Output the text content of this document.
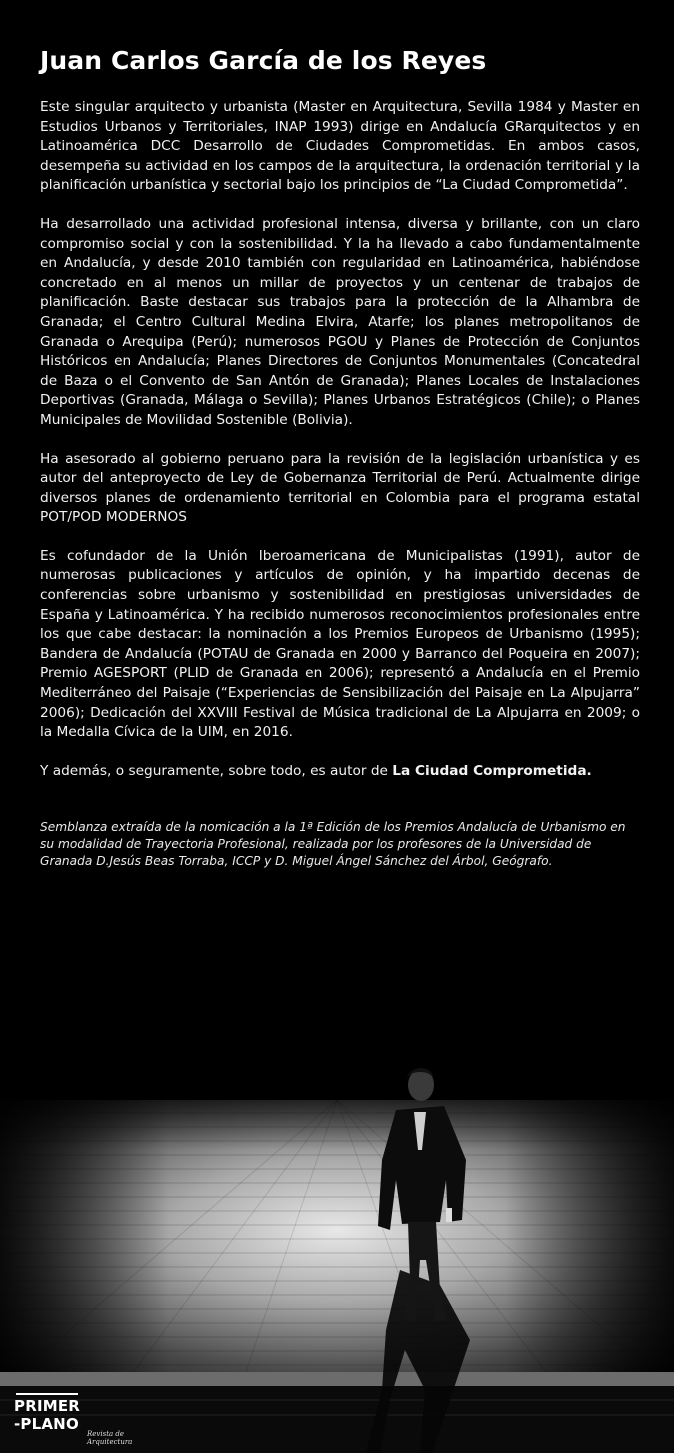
Juan Carlos García de los Reyes

Este singular arquitecto y urbanista (Master en Arquitectura, Sevilla 1984 y Master en Estudios Urbanos y Territoriales, INAP 1993) dirige en Andalucía GRarquitectos y en Latinoamérica DCC Desarrollo de Ciudades Comprometidas. En ambos casos, desempeña su actividad en los campos de la arquitectura, la ordenación territorial y la planificación urbanística y sectorial bajo los principios de “La Ciudad Comprometida”.

Ha desarrollado una actividad profesional intensa, diversa y brillante, con un claro compromiso social y con la sostenibilidad. Y la ha llevado a cabo fundamentalmente en Andalucía, y desde 2010 también con regularidad en Latinoamérica, habiéndose concretado en al menos un millar de proyectos y un centenar de trabajos de planificación. Baste destacar sus trabajos para la protección de la Alhambra de Granada; el Centro Cultural Medina Elvira, Atarfe; los planes metropolitanos de Granada o Arequipa (Perú); numerosos PGOU y Planes de Protección de Conjuntos Históricos en Andalucía; Planes Directores de Conjuntos Monumentales (Concatedral de Baza o el Convento de San Antón de Granada); Planes Locales de Instalaciones Deportivas (Granada, Málaga o Sevilla); Planes Urbanos Estratégicos (Chile); o Planes Municipales de Movilidad Sostenible (Bolivia).

Ha asesorado al gobierno peruano para la revisión de la legislación urbanística y es autor del anteproyecto de Ley de Gobernanza Territorial de Perú. Actualmente dirige diversos planes de ordenamiento territorial en Colombia para el programa estatal POT/POD MODERNOS

Es cofundador de la Unión Iberoamericana de Municipalistas (1991), autor de numerosas publicaciones y artículos de opinión, y ha impartido decenas de conferencias sobre urbanismo y sostenibilidad en prestigiosas universidades de España y Latinoamérica. Y ha recibido numerosos reconocimientos profesionales entre los que cabe destacar: la nominación a los Premios Europeos de Urbanismo (1995); Bandera de Andalucía (POTAU de Granada en 2000 y Barranco del Poqueira en 2007); Premio AGESPORT (PLID de Granada en 2006); representó a Andalucía en el Premio Mediterráneo del Paisaje (“Experiencias de Sensibilización del Paisaje en La Alpujarra” 2006); Dedicación del XXVIII Festival de Música tradicional de La Alpujarra en 2009; o la Medalla Cívica de la UIM, en 2016.

Y además, o seguramente, sobre todo, es autor de La Ciudad Comprometida.

Semblanza extraída de la nomicación a la 1ª Edición de los Premios Andalucía de Urbanismo en su modalidad de Trayectoria Profesional, realizada por los profesores de la Universidad de Granada D.Jesús Beas Torraba, ICCP y D. Miguel Ángel Sánchez del Árbol, Geógrafo.

PRIMER
-PLANO
Revista de Arquitectura
